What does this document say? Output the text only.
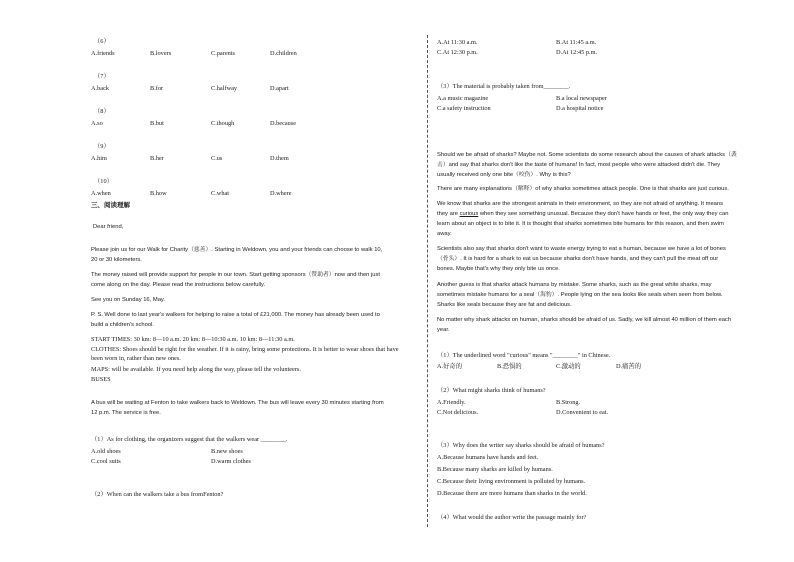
（6）
A.friends	B.lovers	C.parents	D.children
（7）
A.back	B.for	C.halfway	D.apart
（8）
A.so	B.but	C.though	D.because
（9）
A.him	B.her	C.us	D.them
（10）
A.when	B.how	C.what	D.where
三、阅读理解
Dear friend,
Please join us for our Walk for Charity（慈善）. Starting in Weldown, you and your friends can choose to walk 10,
20 or 30 kilometers.
The money raised will provide support for people in our town. Start getting sponsors（赞助者）now and then just
come along on the day. Please read the instructions below carefully.
See you on Sunday 16, May.
P. S. Well done to last year's walkers for helping to raise a total of £21,000. The money has already been used to
build a children's school.
START TIMES: 30 km: 8—10 a.m. 20 km: 8—10:30 a.m. 10 km: 8—11:30 a.m.
CLOTHES: Shoes should be right for the weather. If it is rainy, bring some protections. It is better to wear shoes that have
been worn in, rather than new ones.
MAPS: will be available. If you need help along the way, please tell the volunteers.
BUSES
A bus will be waiting at Fenton to take walkers back to Weldown. The bus will leave every 30 minutes starting from
12 p.m. The service is free.
（1）As for clothing, the organizers suggest that the walkers wear ________.
A.old shoes	B.new shoes
C.cool suits	D.warm clothes
（2）When can the walkers take a bus fromFenton?
A.At 11:30 a.m.	B.At 11:45 a.m.
C.At 12:30 p.m.	D.At 12:45 p.m.
（3）The material is probably taken from________.
A.a music magazine	B.a local newspaper
C.a safety instruction	D.a hospital notice
Should we be afraid of sharks? Maybe not. Some scientists do some research about the causes of shark attacks（袭
击）and say that sharks don't like the taste of humans! In fact, most people who were attacked didn't die. They
usually received only one bite（咬伤）. Why is this?
There are many explanations（解释）of why sharks sometimes attack people. One is that sharks are just curious.
We know that sharks are the strongest animals in their environment, so they are not afraid of anything. It means
they are curious when they see something unusual. Because they don't have hands or feet, the only way they can
learn about an object is to bite it. It is thought that sharks sometimes bite humans for this reason, and then swim
away.
Scientists also say that sharks don't want to waste energy trying to eat a human, because we have a lot of bones
（骨头）. It is hard for a shark to eat us because sharks don't have hands, and they can't pull the meat off our
bones. Maybe that's why they only bite us once.
Another guess is that sharks attack humans by mistake. Some sharks, such as the great white sharks, may
sometimes mistake humans for a seal（海豹）. People lying on the sea looks like seals when seen from below.
Sharks like seals because they are fat and delicious.
No matter why shark attacks on human, sharks should be afraid of us. Sadly, we kill almost 40 million of them each
year.
（1）The underlined word "curious" means "________" in Chinese.
A.好奇的	B.恐惧的	C.激动的	D.痛苦的
（2）What might sharks think of humans?
A.Friendly.	B.Strong.
C.Not delicious.	D.Convenient to eat.
（3）Why does the writer say sharks should be afraid of humans?
A.Because humans have hands and feet.
B.Because many sharks are killed by humans.
C.Because their living environment is polluted by humans.
D.Because there are more humans than sharks in the world.
（4）What would the author write the passage mainly for?
